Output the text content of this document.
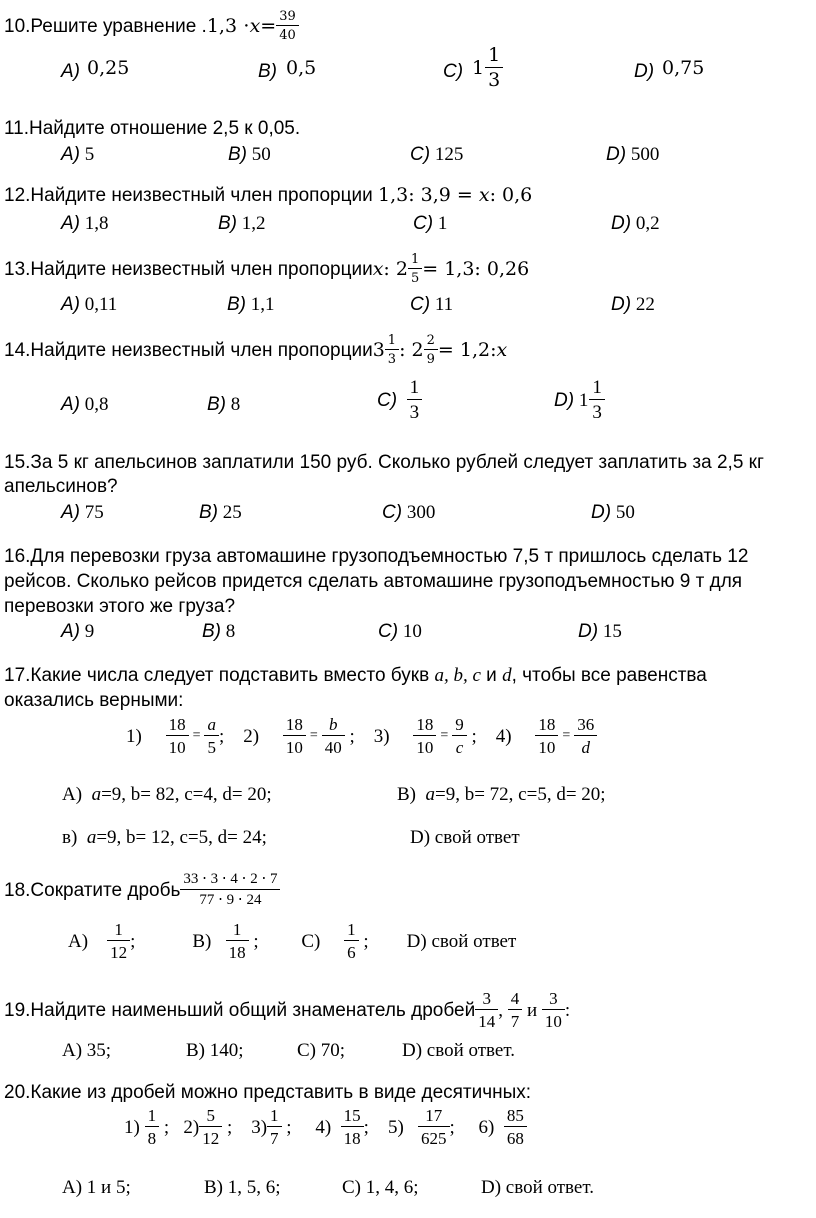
10.Решите уравнение . $1,3 \cdot x = \frac{39}{40}$
A) 0,25	B) 0,5	C) 1
1
3	D) 0,75
11.Найдите отношение 2,5 к 0,05.
A) 5	B) 50	C) 125	D) 500
12.Найдите неизвестный член пропорции 1,3: 3,9 = x: 0,6
A) 1,8	B) 1,2	C) 1	D) 0,2
13.Найдите неизвестный член пропорции x : $2 \frac{1}{5} = 1,3$: 0,26
A) 0,11	B) 1,1	C) 11	D) 22
14.Найдите неизвестный член пропорции 3 1
3 : $2 \frac{2}{9} = 1,2$: x
A) 0,8	B) 8	C)

1
3
D)
1
1
3
15.За 5 кг апельсинов заплатили 150 руб. Сколько рублей следует заплатить за 2,5 кг
апельсинов?
A) 75	B) 25	C) 300	D) 50
16.Для перевозки груза автомашине грузоподъемностью 7,5 т пришлось сделать 12
рейсов. Сколько рейсов придется сделать автомашине грузоподъемностью 9 т для
перевозки этого же груза?
A) 9	B) 8	C) 10	D) 15
17.Какие числа следует подставить вместо букв a, b, c и d, чтобы все равенства
оказались верными:
1)
$\frac{18}{10} = \frac{a}{5}$ ;
2)
$\frac{18}{10} = \frac{b}{40}$
;
3)
$\frac{18}{10} = \frac{9}{c}$
;
4)
$\frac{18}{10} = \frac{36}{d}$
A) a=9, b= 82, c=4, d= 20;	B) a=9, b= 72, c=5, d= 20;
в) a=9, b= 12, c=5, d= 24;	D) свой ответ
18.Сократите дробь
33 ⋅ 3 ⋅ 4 ⋅ 2 ⋅ 7
77 ⋅ 9 ⋅ 24
A)

1
12
;
	B)

1
18

;
C)

1
6

;
D) свой ответ
19.Найдите наименьший общий знаменатель дробей
3
14
,

4
7

и

3
10
:
A) 35;	B) 140;	C) 70;	D) свой ответ.
20.Какие из дробей можно представить в виде десятичных:
1)

1
8

;
2)
5
12

;
3)
1
7

;
4)

15
18
;
5)

17
625
;
6)

85
68
A) 1 и 5;	B) 1, 5, 6;	C) 1, 4, 6;	D) свой ответ.
